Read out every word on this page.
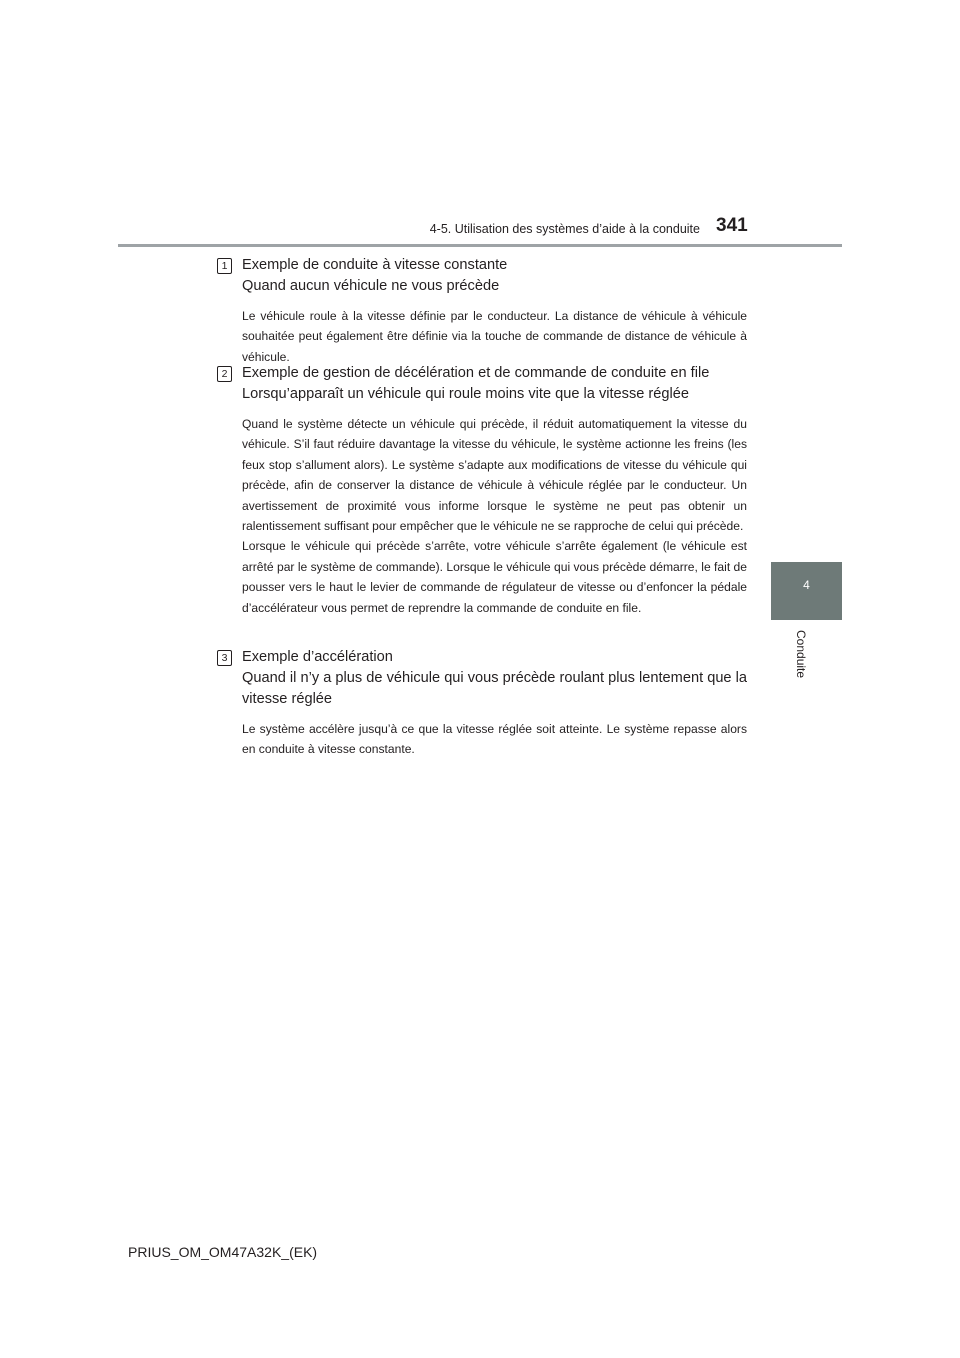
4-5. Utilisation des systèmes d’aide à la conduite 341
4
Conduite
1 Exemple de conduite à vitesse constante
Quand aucun véhicule ne vous précède

Le véhicule roule à la vitesse définie par le conducteur. La distance de véhicule à véhicule souhaitée peut également être définie via la touche de commande de distance de véhicule à véhicule.

2 Exemple de gestion de décélération et de commande de conduite en file
Lorsqu’apparaît un véhicule qui roule moins vite que la vitesse réglée

Quand le système détecte un véhicule qui précède, il réduit automatiquement la vitesse du véhicule. S’il faut réduire davantage la vitesse du véhicule, le système actionne les freins (les feux stop s’allument alors). Le système s’adapte aux modifications de vitesse du véhicule qui précède, afin de conserver la distance de véhicule à véhicule réglée par le conducteur. Un avertissement de proximité vous informe lorsque le système ne peut pas obtenir un ralentissement suffisant pour empêcher que le véhicule ne se rapproche de celui qui précède.

Lorsque le véhicule qui précède s’arrête, votre véhicule s’arrête également (le véhicule est arrêté par le système de commande). Lorsque le véhicule qui vous précède démarre, le fait de pousser vers le haut le levier de commande de régulateur de vitesse ou d’enfoncer la pédale d’accélérateur vous permet de reprendre la commande de conduite en file.

3 Exemple d’accélération
Quand il n’y a plus de véhicule qui vous précède roulant plus lentement que la vitesse réglée

Le système accélère jusqu’à ce que la vitesse réglée soit atteinte. Le système repasse alors en conduite à vitesse constante.

PRIUS_OM_OM47A32K_(EK)
